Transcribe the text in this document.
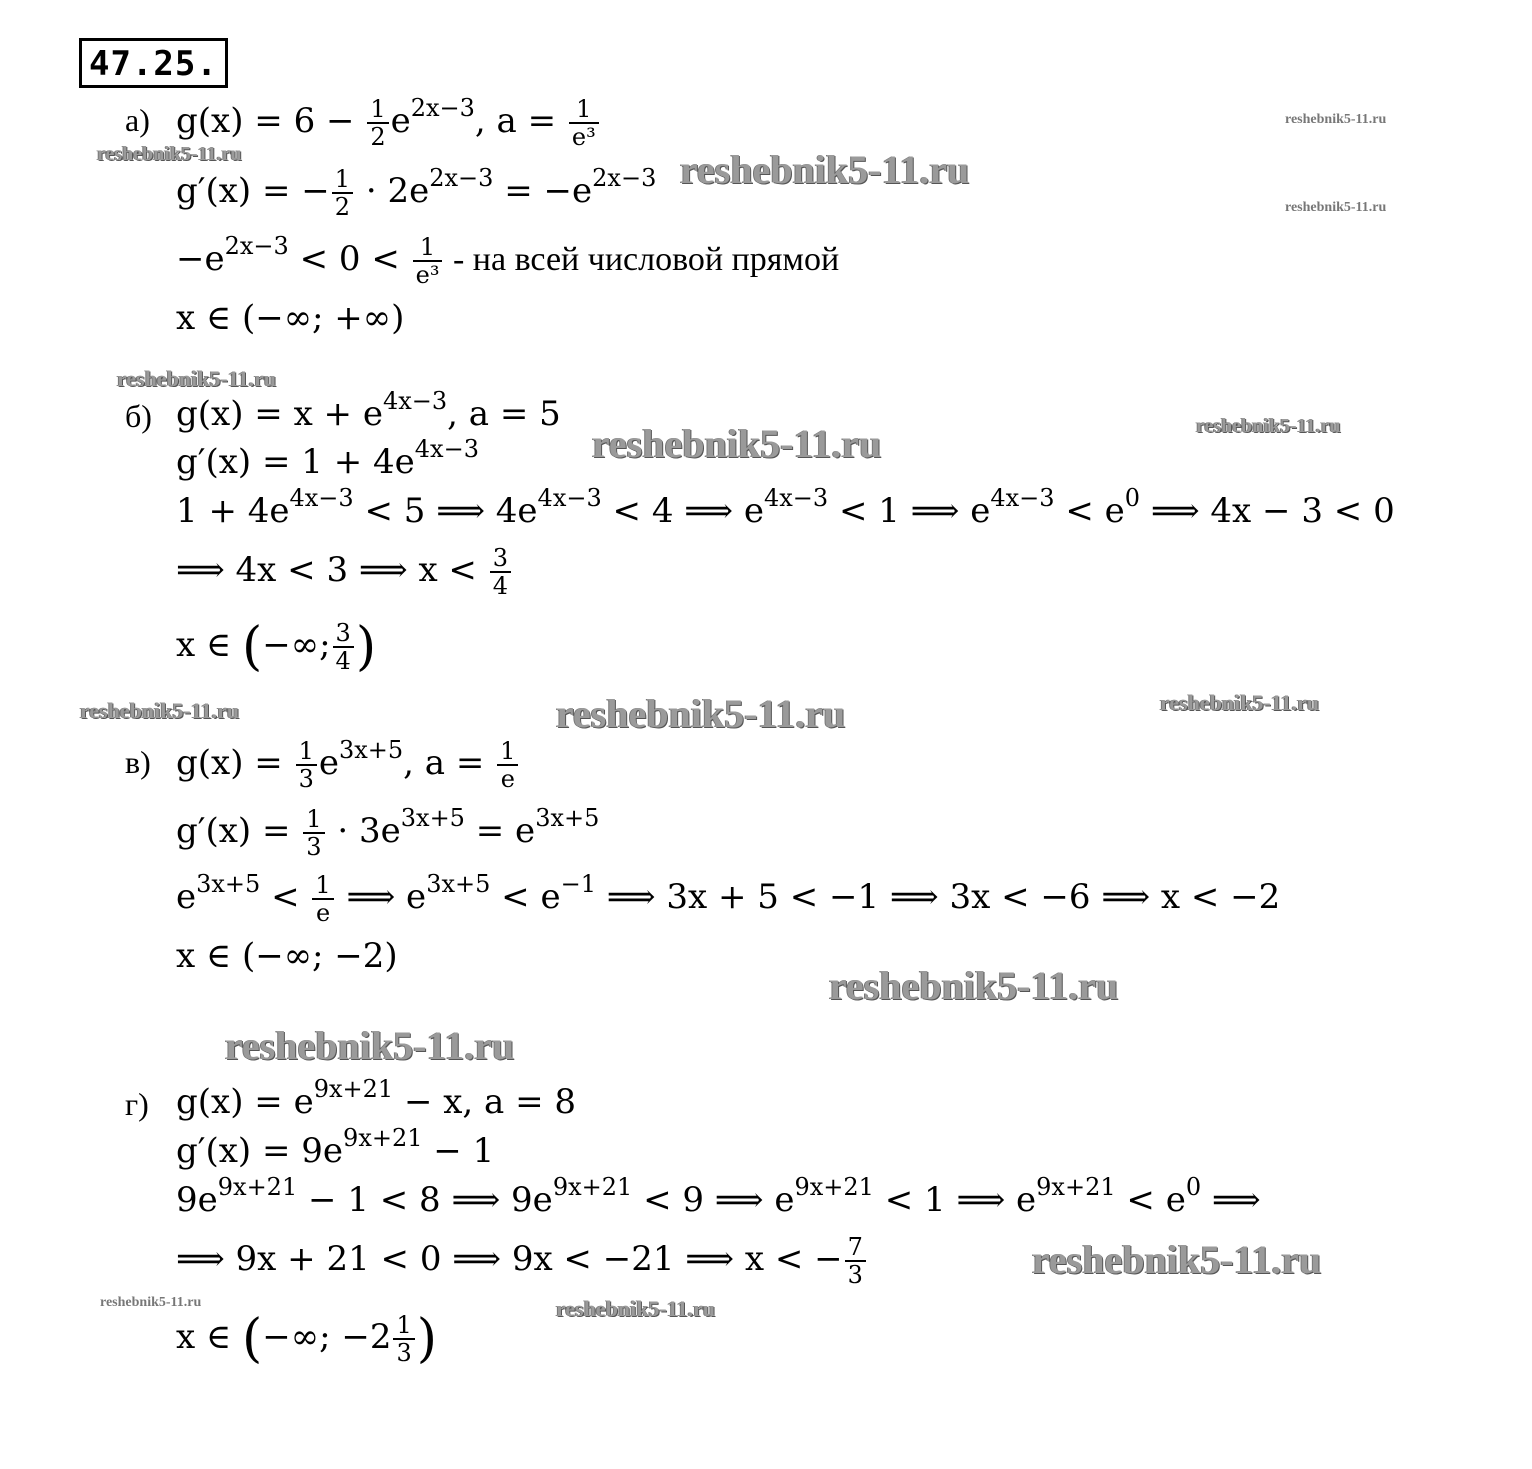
47.25.
а) $g(x) = 6 - \frac{1}{2} e^{2x-3}$, $a = \frac{1}{\text{e³}}$
g′(x) = − $\frac{1}{2} \cdot 2e^{2x-3} = -e^{2x-3}$
$-e^{2x-3} < 0 < \frac{1}{\text{e³}}$ - на всей числовой прямой
x ∈ (−∞; +∞)
б) $g(x) = x + e^{4x-3}$, a = 5
$g'(x) = 1 + 4e^{4x-3}$
$1 + 4e^{4x-3} < 5$ ⟹ $4e^{4x-3} < 4$ ⟹ $e^{4x-3} < 1$ ⟹ $e^{4x-3} < e^0$ ⟹ 4x − 3 < 0
⟹ 4x < 3 ⟹ $x < \frac{3}{4}$
x ∈ (−∞; $\frac{3}{4}$ )
в) $g(x) = \frac{1}{3} e^{3x+5}$, $a = \frac{1}{e}$
$g'(x) = \frac{1}{3} \cdot 3e^{3x+5} = e^{3x+5}$
$e^{3x+5} < \frac{1}{e}$ ⟹ $e^{3x+5} < e^{-1}$ ⟹ 3x + 5 < −1 ⟹ 3x < −6 ⟹ x < −2
x ∈ (−∞; −2)
г) $g(x) = e^{9x+21} - x$, a = 8
$g'(x) = 9e^{9x+21} - 1$
$9e^{9x+21} - 1 < 8$ ⟹ $9e^{9x+21} < 9$ ⟹ $e^{9x+21} < 1$ ⟹ $e^{9x+21} < e^0$ ⟹
⟹ 9x + 21 < 0 ⟹ 9x < −21 ⟹ x < − $\frac{7}{3}$
x ∈ (−∞; $-2 \frac{1}{3}$ )
reshebnik5-11.ru
reshebnik5-11.ru	reshebnik5-11.ru
reshebnik5-11.ru
reshebnik5-11.ru
reshebnik5-11.ru	reshebnik5-11.ru
reshebnik5-11.ru	reshebnik5-11.ru	reshebnik5-11.ru
reshebnik5-11.ru
reshebnik5-11.ru
reshebnik5-11.ru
reshebnik5-11.ru	reshebnik5-11.ru
